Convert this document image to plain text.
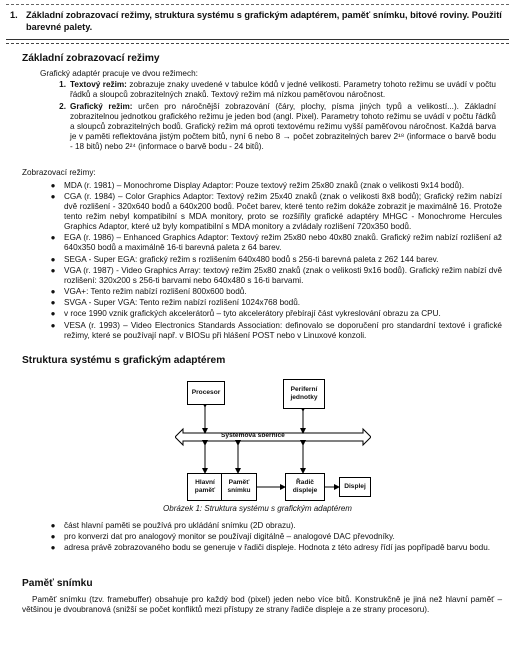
1. Základní zobrazovací režimy, struktura systému s grafickým adaptérem, paměť snímku, bitové roviny. Použití barevné palety.
Základní zobrazovací režimy

Grafický adaptér pracuje ve dvou režimech:

1. Textový režim: zobrazuje znaky uvedené v tabulce kódů v jedné velikosti. Parametry tohoto režimu se uvádí v počtu řádků a sloupců zobrazitelných znaků. Textový režim má nízkou paměťovou náročnost.
2. Grafický režim: určen pro náročnější zobrazování (čáry, plochy, písma jiných typů a velikostí...). Základní zobrazitelnou jednotkou grafického režimu je jeden bod (angl. Pixel). Parametry tohoto režimu se uvádí v počtu řádků a sloupců zobrazitelných bodů. Grafický režim má oproti textovému režimu vyšší paměťovou náročnost. Každá barva je v paměti reflektována jistým počtem bitů, nyní 6 nebo 8 → počet zobrazitelných barev 2¹⁸ (informace o barvě bodu - 18 bitů) nebo 2²⁴ (informace o barvě bodu - 24 bitů).

Zobrazovací režimy:

●	MDA (r. 1981) – Monochrome Display Adaptor: Pouze textový režim 25x80 znaků (znak o velikosti 9x14 bodů).
●	CGA (r. 1984) – Color Graphics Adaptor: Textový režim 25x40 znaků (znak o velikosti 8x8 bodů); Grafický režim nabízí dvě rozlišení - 320x640 bodů a 640x200 bodů. Počet barev, které tento režim dokáže zobrazit je maximálně 16. Protože tento režim nebyl kompatibilní s MDA monitory, proto se rozšířily grafické adaptéry MHGC - Monochrome Hercules Graphics Adaptor, které už byly kompatibilní s MDA monitory a zvládaly rozlišení 720x350 bodů.
●	EGA (r. 1986) – Enhanced Graphics Adaptor: Textový režim 25x80 nebo 40x80 znaků. Grafický režim nabízí rozlišení až 640x350 bodů a maximálně 16-ti barevná paleta z 64 barev.
●	SEGA - Super EGA: grafický režim s rozlišením 640x480 bodů s 256-ti barevná paleta z 262 144 barev.
●	VGA (r. 1987) - Video Graphics Array: textový režim 25x80 znaků (znak o velikosti 9x16 bodů). Grafický režim nabízí dvě rozlišení: 320x200 s 256-ti barvami nebo 640x480 s 16-ti barvami.
●	VGA+: Tento režim nabízí rozlišení 800x600 bodů.
●	SVGA - Super VGA: Tento režim nabízí rozlišení 1024x768 bodů.
●	v roce 1990 vznik grafických akcelerátorů – tyto akcelerátory přebírají část vykreslování obrazu za CPU.
●	VESA (r. 1993) – Video Electronics Standards Association: definovalo se doporučení pro standardní textové i grafické režimy, které se používají např. v BIOSu při hlášení POST nebo v Linuxové konzoli.
Struktura systému s grafickým adaptérem
Procesor	Periferní jednotky
Systémová sběrnice
Hlavní paměť
Paměť snímku
Řadič displeje
Displej
Obrázek 1: Struktura systému s grafickým adaptérem
●	část hlavní paměti se používá pro ukládání snímku (2D obrazu).
●	pro konverzi dat pro analogový monitor se používají digitálně – analogové DAC převodníky.
●	adresa právě zobrazovaného bodu se generuje v řadiči displeje. Hodnota z této adresy řídí jas popřípadě barvu bodu.
Paměť snímku

Paměť snímku (tzv. framebuffer) obsahuje pro každý bod (pixel) jeden nebo více bitů. Konstrukčně je jiná než hlavní paměť – většinou je dvoubranová (snižší se počet konfliktů mezi přístupy ze strany řadiče displeje a ze strany procesoru).
